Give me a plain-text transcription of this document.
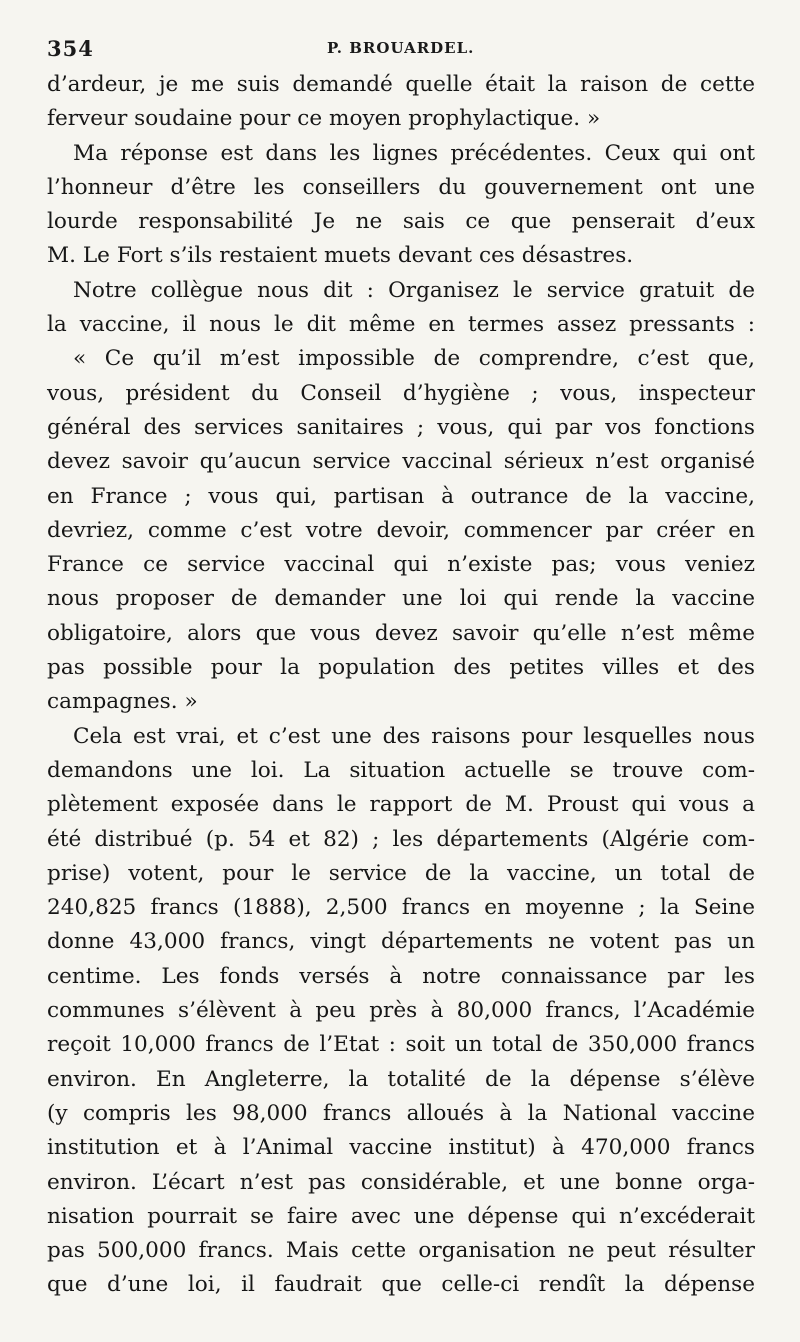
354	P. BROUARDEL.
d’ardeur, je me suis demandé quelle était la raison de cette
ferveur soudaine pour ce moyen prophylactique. »
Ma réponse est dans les lignes précédentes. Ceux qui ont
l’honneur d’être les conseillers du gouvernement ont une
lourde responsabilité Je ne sais ce que penserait d’eux
M. Le Fort s’ils restaient muets devant ces désastres.
Notre collègue nous dit : Organisez le service gratuit de
la vaccine, il nous le dit même en termes assez pressants :
« Ce qu’il m’est impossible de comprendre, c’est que,
vous, président du Conseil d’hygiène ; vous, inspecteur
général des services sanitaires ; vous, qui par vos fonctions
devez savoir qu’aucun service vaccinal sérieux n’est organisé
en France ; vous qui, partisan à outrance de la vaccine,
devriez, comme c’est votre devoir, commencer par créer en
France ce service vaccinal qui n’existe pas; vous veniez
nous proposer de demander une loi qui rende la vaccine
obligatoire, alors que vous devez savoir qu’elle n’est même
pas possible pour la population des petites villes et des
campagnes. »
Cela est vrai, et c’est une des raisons pour lesquelles nous
demandons une loi. La situation actuelle se trouve com-
plètement exposée dans le rapport de M. Proust qui vous a
été distribué (p. 54 et 82) ; les départements (Algérie com-
prise) votent, pour le service de la vaccine, un total de
240,825 francs (1888), 2,500 francs en moyenne ; la Seine
donne 43,000 francs, vingt départements ne votent pas un
centime. Les fonds versés à notre connaissance par les
communes s’élèvent à peu près à 80,000 francs, l’Académie
reçoit 10,000 francs de l’Etat : soit un total de 350,000 francs
environ. En Angleterre, la totalité de la dépense s’élève
(y compris les 98,000 francs alloués à la National vaccine
institution et à l’Animal vaccine institut) à 470,000 francs
environ. L’écart n’est pas considérable, et une bonne orga-
nisation pourrait se faire avec une dépense qui n’excéderait
pas 500,000 francs. Mais cette organisation ne peut résulter
que d’une loi, il faudrait que celle-ci rendît la dépense
